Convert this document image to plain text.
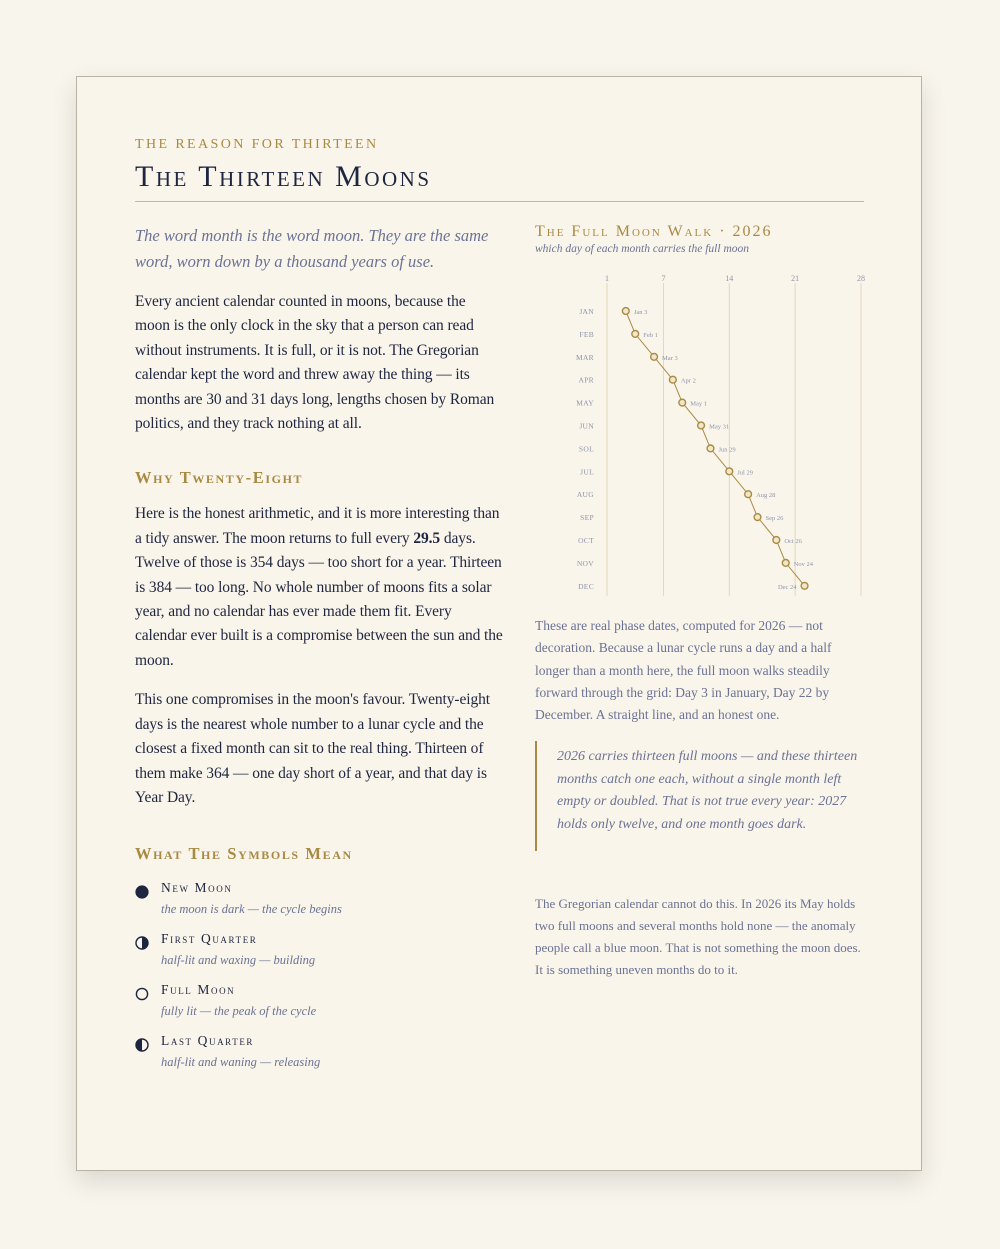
THE REASON FOR THIRTEEN
The Thirteen Moons

The word month is the word moon. They are the same word, worn down by a thousand years of use.

Every ancient calendar counted in moons, because the moon is the only clock in the sky that a person can read without instruments. It is full, or it is not. The Gregorian calendar kept the word and threw away the thing — its months are 30 and 31 days long, lengths chosen by Roman politics, and they track nothing at all.

Why Twenty-Eight

Here is the honest arithmetic, and it is more interesting than a tidy answer. The moon returns to full every 29.5 days. Twelve of those is 354 days — too short for a year. Thirteen is 384 — too long. No whole number of moons fits a solar year, and no calendar has ever made them fit. Every calendar ever built is a compromise between the sun and the moon.

This one compromises in the moon's favour. Twenty-eight days is the nearest whole number to a lunar cycle and the closest a fixed month can sit to the real thing. Thirteen of them make 364 — one day short of a year, and that day is Year Day.

What The Symbols Mean
New Moon
the moon is dark — the cycle begins
First Quarter
half-lit and waxing — building
Full Moon
fully lit — the peak of the cycle
Last Quarter
half-lit and waning — releasing
The Full Moon Walk · 2026
which day of each month carries the full moon
1	7	14	21	28
JAN	Jan 3
FEB	Feb 1
MAR	Mar 3
APR	Apr 2
MAY	May 1
JUN	May 31
SOL	Jun 29
JUL	Jul 29
AUG	Aug 28
SEP	Sep 26
OCT	Oct 26
NOV	Nov 24
DEC	Dec 24
These are real phase dates, computed for 2026 — not decoration. Because a lunar cycle runs a day and a half longer than a month here, the full moon walks steadily forward through the grid: Day 3 in January, Day 22 by December. A straight line, and an honest one.
2026 carries thirteen full moons — and these thirteen months catch one each, without a single month left empty or doubled. That is not true every year: 2027 holds only twelve, and one month goes dark.
The Gregorian calendar cannot do this. In 2026 its May holds two full moons and several months hold none — the anomaly people call a blue moon. That is not something the moon does. It is something uneven months do to it.
